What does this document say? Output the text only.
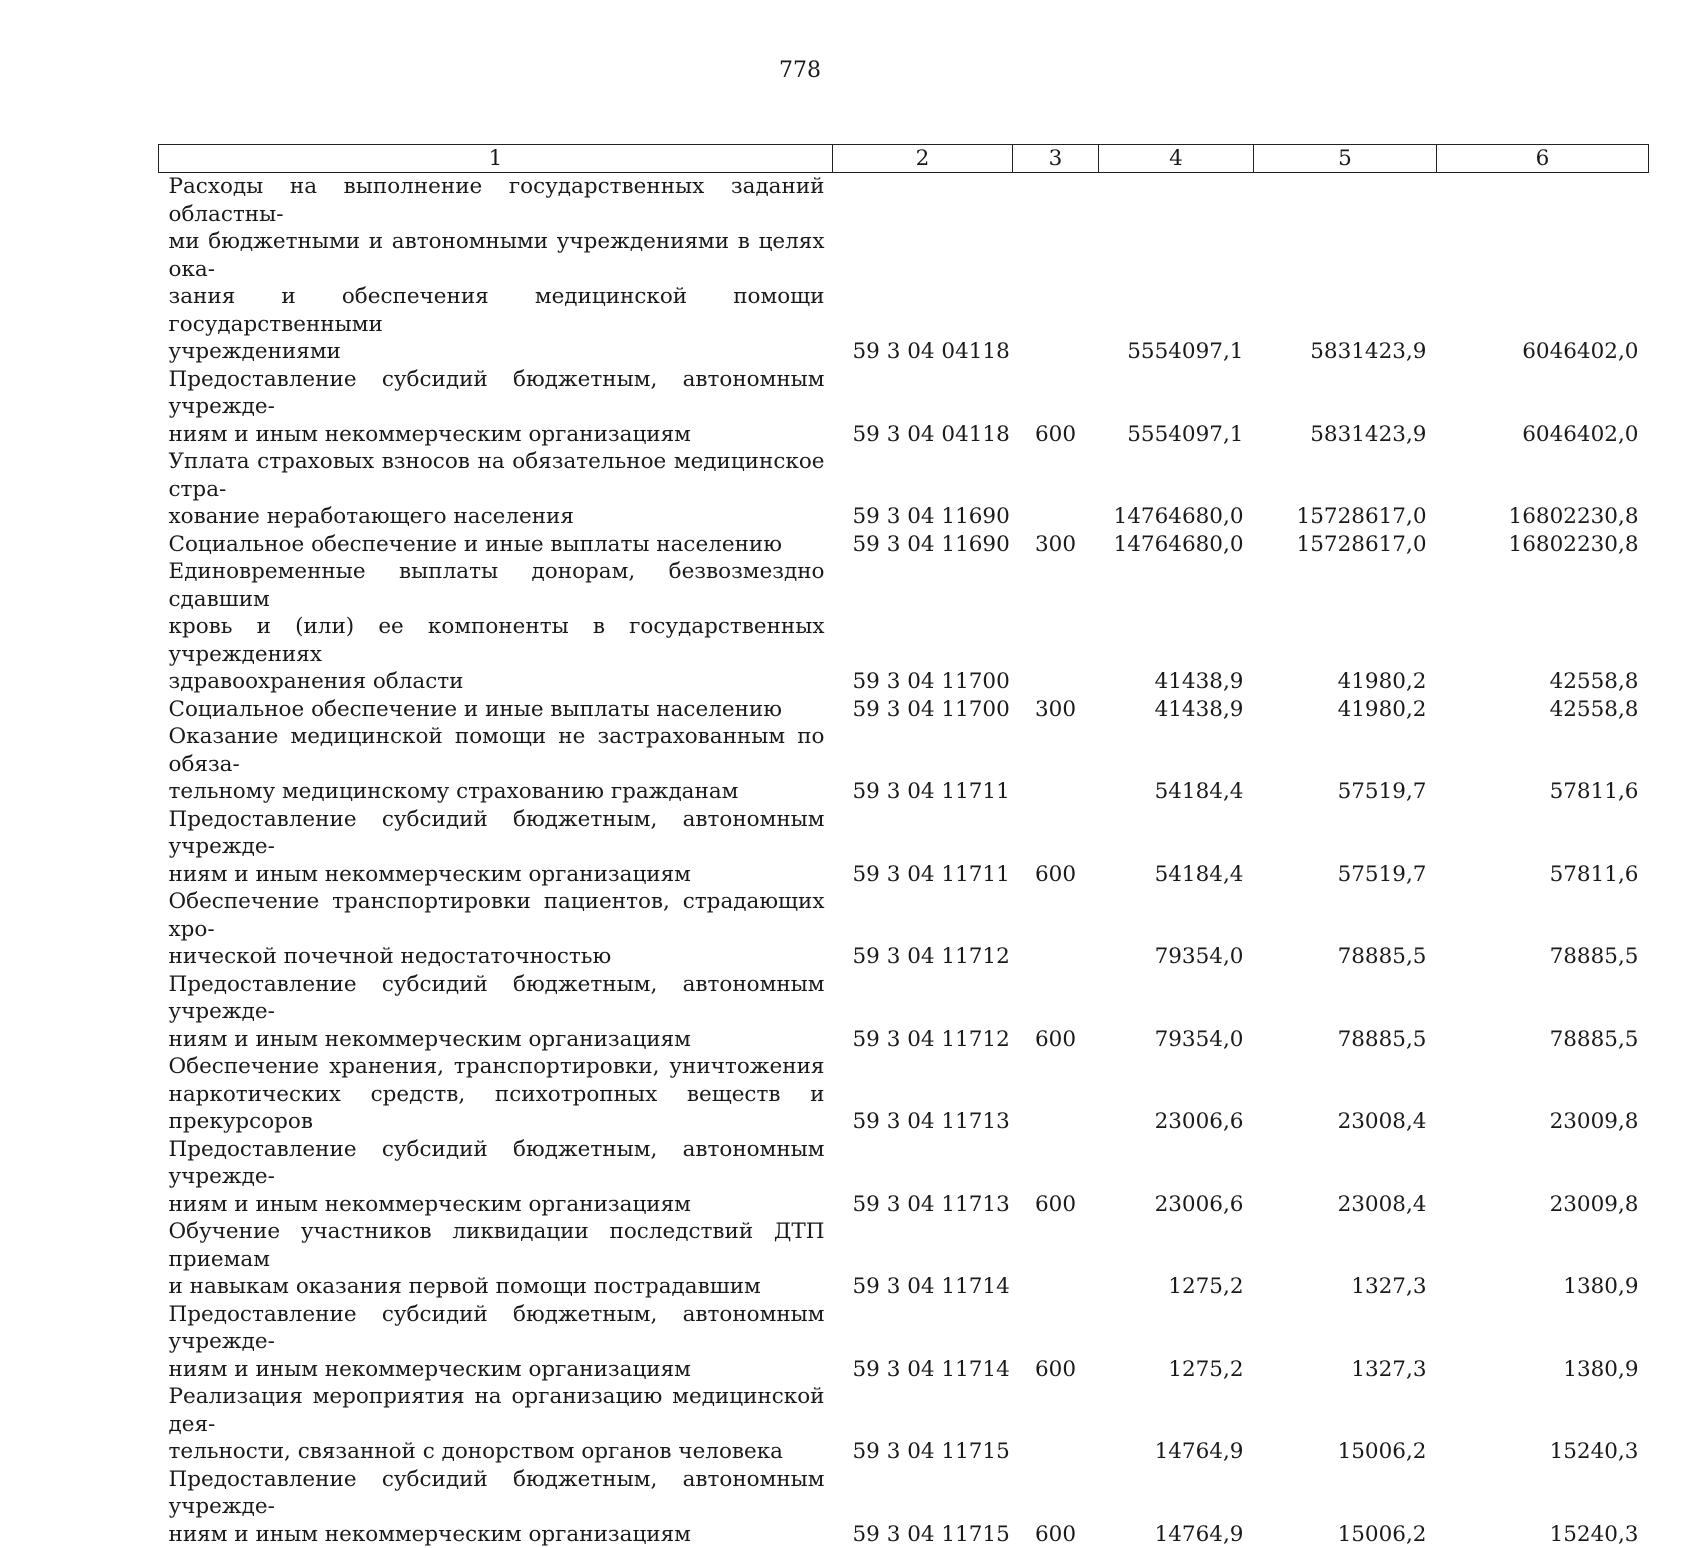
778
1	2	3	4	5	6

Расходы на выполнение государственных заданий областны-
ми бюджетными и автономными учреждениями в целях ока-
зания и обеспечения медицинской помощи государственными
учреждениями	59 3 04 04118		5554097,1	5831423,9	6046402,0

Предоставление субсидий бюджетным, автономным учрежде-
ниям и иным некоммерческим организациям	59 3 04 04118	600	5554097,1	5831423,9	6046402,0

Уплата страховых взносов на обязательное медицинское стра-
хование неработающего населения	59 3 04 11690		14764680,0	15728617,0	16802230,8

Социальное обеспечение и иные выплаты населению	59 3 04 11690	300	14764680,0	15728617,0	16802230,8

Единовременные выплаты донорам, безвозмездно сдавшим
кровь и (или) ее компоненты в государственных учреждениях
здравоохранения области	59 3 04 11700		41438,9	41980,2	42558,8

Социальное обеспечение и иные выплаты населению	59 3 04 11700	300	41438,9	41980,2	42558,8

Оказание медицинской помощи не застрахованным по обяза-
тельному медицинскому страхованию гражданам	59 3 04 11711		54184,4	57519,7	57811,6

Предоставление субсидий бюджетным, автономным учрежде-
ниям и иным некоммерческим организациям	59 3 04 11711	600	54184,4	57519,7	57811,6

Обеспечение транспортировки пациентов, страдающих хро-
нической почечной недостаточностью	59 3 04 11712		79354,0	78885,5	78885,5

Предоставление субсидий бюджетным, автономным учрежде-
ниям и иным некоммерческим организациям	59 3 04 11712	600	79354,0	78885,5	78885,5

Обеспечение хранения, транспортировки, уничтожения
наркотических средств, психотропных веществ и прекурсоров	59 3 04 11713		23006,6	23008,4	23009,8

Предоставление субсидий бюджетным, автономным учрежде-
ниям и иным некоммерческим организациям	59 3 04 11713	600	23006,6	23008,4	23009,8

Обучение участников ликвидации последствий ДТП приемам
и навыкам оказания первой помощи пострадавшим	59 3 04 11714		1275,2	1327,3	1380,9

Предоставление субсидий бюджетным, автономным учрежде-
ниям и иным некоммерческим организациям	59 3 04 11714	600	1275,2	1327,3	1380,9

Реализация мероприятия на организацию медицинской дея-
тельности, связанной с донорством органов человека	59 3 04 11715		14764,9	15006,2	15240,3

Предоставление субсидий бюджетным, автономным учрежде-
ниям и иным некоммерческим организациям	59 3 04 11715	600	14764,9	15006,2	15240,3
